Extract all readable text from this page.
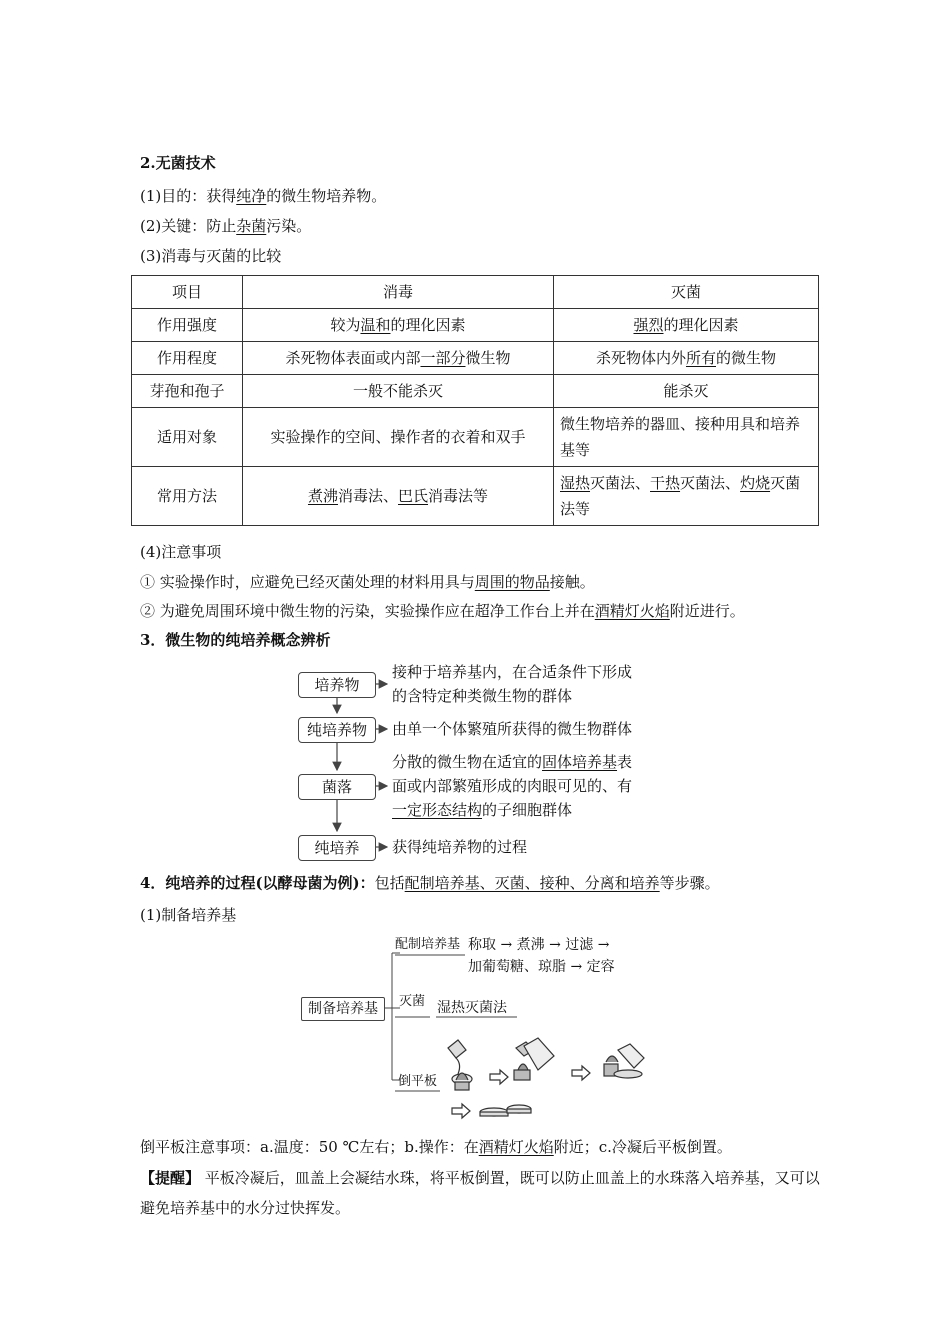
2.无菌技术
(1)目的：获得纯净的微生物培养物。
(2)关键：防止杂菌污染。
(3)消毒与灭菌的比较
项目	消毒	灭菌
作用强度	较为温和的理化因素	强烈的理化因素
作用程度	杀死物体表面或内部一部分微生物	杀死物体内外所有的微生物
芽孢和孢子	一般不能杀灭	能杀灭
适用对象	实验操作的空间、操作者的衣着和双手	微生物培养的器皿、接种用具和培养基等
常用方法	煮沸消毒法、巴氏消毒法等	湿热灭菌法、干热灭菌法、灼烧灭菌法等
(4)注意事项
① 实验操作时，应避免已经灭菌处理的材料用具与周围的物品接触。
② 为避免周围环境中微生物的污染，实验操作应在超净工作台上并在酒精灯火焰附近进行。
3．微生物的纯培养概念辨析
培养物
接种于培养基内，在合适条件下形成
的含特定种类微生物的群体
纯培养物	由单一个体繁殖所获得的微生物群体
菌落
分散的微生物在适宜的固体培养基表
面或内部繁殖形成的肉眼可见的、有
一定形态结构的子细胞群体
纯培养	获得纯培养物的过程
4．纯培养的过程(以酵母菌为例)：包括配制培养基、灭菌、接种、分离和培养等步骤。
(1)制备培养基
制备培养基
配制培养基 称取 → 煮沸 → 过滤 →
加葡萄糖、琼脂 → 定容
灭菌 湿热灭菌法
倒平板
倒平板注意事项：a.温度：50 ℃左右；b.操作：在酒精灯火焰附近；c.冷凝后平板倒置。
【提醒】 平板冷凝后，皿盖上会凝结水珠，将平板倒置，既可以防止皿盖上的水珠落入培养基，又可以避免培养基中的水分过快挥发。
